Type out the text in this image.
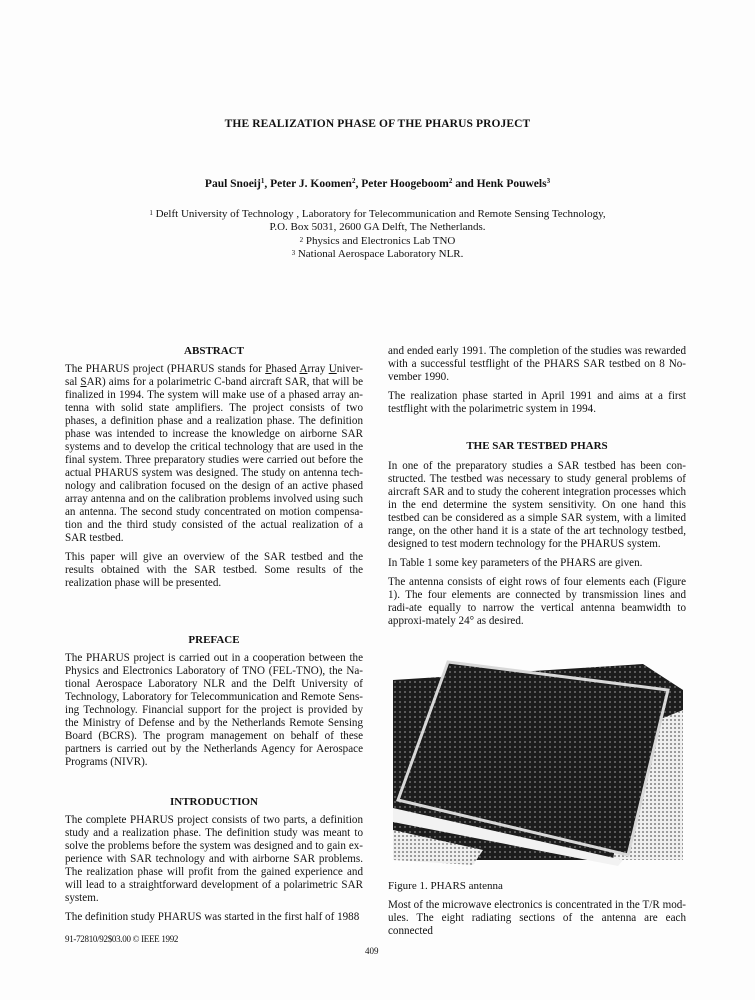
THE REALIZATION PHASE OF THE PHARUS PROJECT
Paul Snoeij$^1$, Peter J. Koomen$^2$, Peter Hoogeboom$^2$ and Henk Pouwels$^3$
$^1$ Delft University of Technology , Laboratory for Telecommunication and Remote Sensing Technology,
P.O. Box 5031, 2600 GA Delft, The Netherlands.
$^2$ Physics and Electronics Lab TNO
$^3$ National Aerospace Laboratory NLR.
ABSTRACT

The PHARUS project (PHARUS stands for Phased Array Univer-sal SAR) aims for a polarimetric C-band aircraft SAR, that will be finalized in 1994. The system will make use of a phased array an-tenna with solid state amplifiers. The project consists of two phases, a definition phase and a realization phase. The definition phase was intended to increase the knowledge on airborne SAR systems and to develop the critical technology that are used in the final system. Three preparatory studies were carried out before the actual PHARUS system was designed. The study on antenna tech-nology and calibration focused on the design of an active phased array antenna and on the calibration problems involved using such an antenna. The second study concentrated on motion compensa-tion and the third study consisted of the actual realization of a SAR testbed.

This paper will give an overview of the SAR testbed and the results obtained with the SAR testbed. Some results of the realization phase will be presented.

PREFACE

The PHARUS project is carried out in a cooperation between the Physics and Electronics Laboratory of TNO (FEL-TNO), the Na-tional Aerospace Laboratory NLR and the Delft University of Technology, Laboratory for Telecommunication and Remote Sens-ing Technology. Financial support for the project is provided by the Ministry of Defense and by the Netherlands Remote Sensing Board (BCRS). The program management on behalf of these partners is carried out by the Netherlands Agency for Aerospace Programs (NIVR).

INTRODUCTION

The complete PHARUS project consists of two parts, a definition study and a realization phase. The definition study was meant to solve the problems before the system was designed and to gain ex-perience with SAR technology and with airborne SAR problems. The realization phase will profit from the gained experience and will lead to a straightforward development of a polarimetric SAR system.

The definition study PHARUS was started in the first half of 1988

and ended early 1991. The completion of the studies was rewarded with a successful testflight of the PHARS SAR testbed on 8 No-vember 1990.

The realization phase started in April 1991 and aims at a first testflight with the polarimetric system in 1994.

THE SAR TESTBED PHARS

In one of the preparatory studies a SAR testbed has been con-structed. The testbed was necessary to study general problems of aircraft SAR and to study the coherent integration processes which in the end determine the system sensitivity. On one hand this testbed can be considered as a simple SAR system, with a limited range, on the other hand it is a state of the art technology testbed, designed to test modern technology for the PHARUS system.

In Table 1 some key parameters of the PHARS are given.

The antenna consists of eight rows of four elements each (Figure 1). The four elements are connected by transmission lines and radi-ate equally to narrow the vertical antenna beamwidth to approxi-mately 24° as desired.

Figure 1. PHARS antenna

Most of the microwave electronics is concentrated in the T/R mod-ules. The eight radiating sections of the antenna are each connected

91-72810/92$03.00 © IEEE 1992
409
